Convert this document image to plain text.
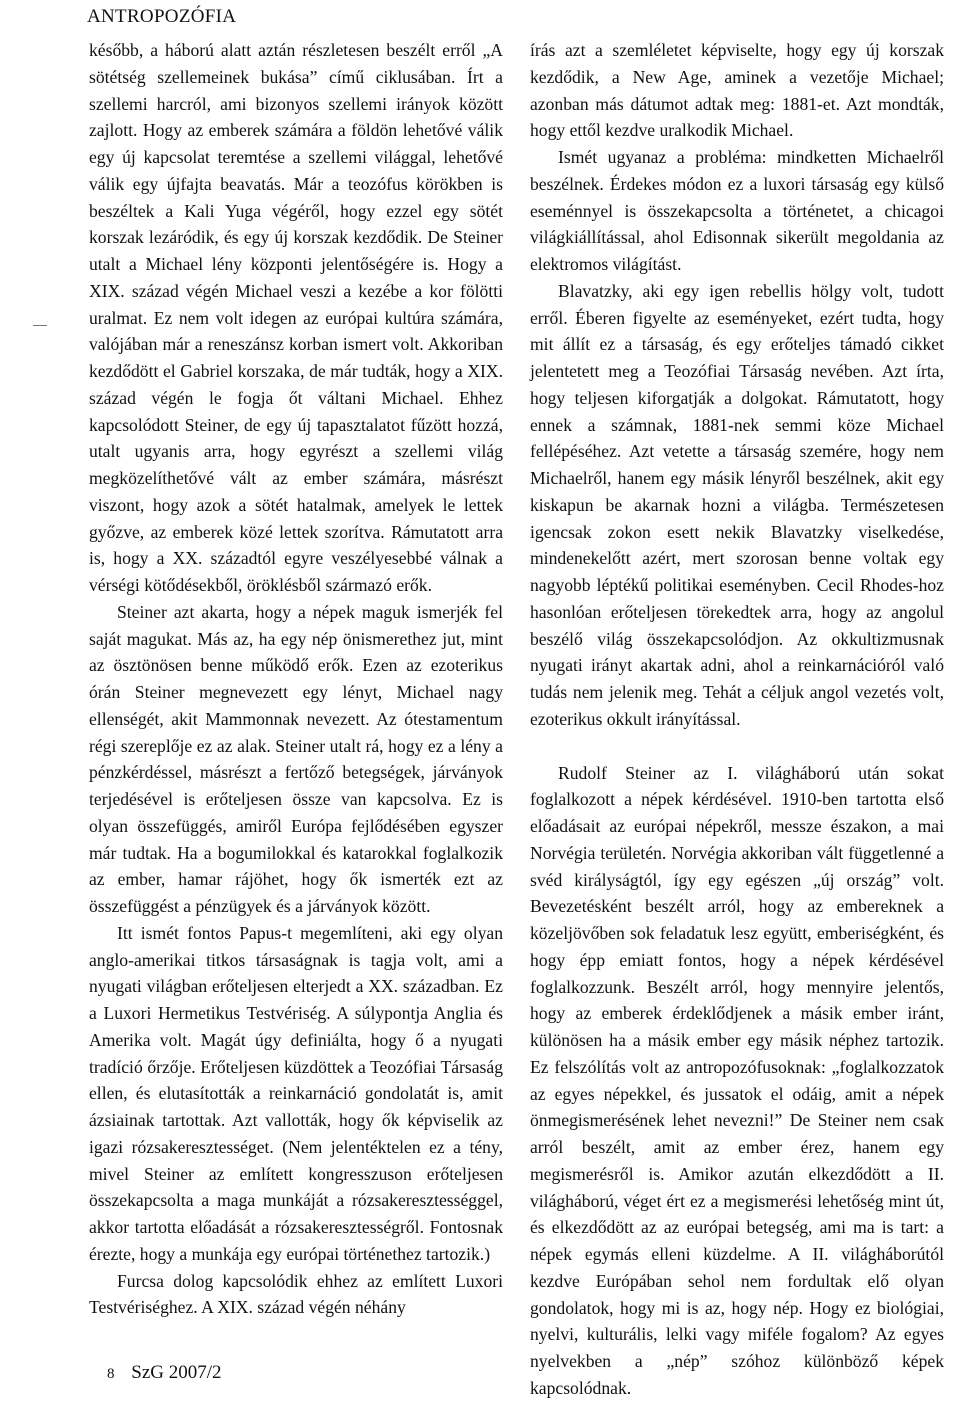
ANTROPOZÓFIA

később, a háború alatt aztán részletesen beszélt erről „A sötétség szellemeinek bukása” című ciklusában. Írt a szellemi harcról, ami bizonyos szellemi irányok között zajlott. Hogy az emberek számára a földön lehetővé válik egy új kapcsolat teremtése a szellemi világgal, lehetővé válik egy újfajta beavatás. Már a teozófus körökben is beszéltek a Kali Yuga végéről, hogy ezzel egy sötét korszak lezáródik, és egy új korszak kezdődik. De Steiner utalt a Michael lény központi jelentőségére is. Hogy a XIX. század végén Michael veszi a kezébe a kor fölötti uralmat. Ez nem volt idegen az európai kultúra számára, valójában már a reneszánsz korban ismert volt. Akkoriban kezdődött el Gabriel korszaka, de már tudták, hogy a XIX. század végén le fogja őt váltani Michael. Ehhez kapcsolódott Steiner, de egy új tapasztalatot fűzött hozzá, utalt ugyanis arra, hogy egyrészt a szellemi világ megközelíthetővé vált az ember számára, másrészt viszont, hogy azok a sötét hatalmak, amelyek le lettek győzve, az emberek közé lettek szorítva. Rámutatott arra is, hogy a XX. századtól egyre veszélyesebbé válnak a vérségi kötődésekből, öröklésből származó erők.

Steiner azt akarta, hogy a népek maguk ismerjék fel saját magukat. Más az, ha egy nép önismerethez jut, mint az ösztönösen benne működő erők. Ezen az ezoterikus órán Steiner megnevezett egy lényt, Michael nagy ellenségét, akit Mammonnak nevezett. Az ótestamentum régi szereplője ez az alak. Steiner utalt rá, hogy ez a lény a pénzkérdéssel, másrészt a fertőző betegségek, járványok terjedésével is erőteljesen össze van kapcsolva. Ez is olyan összefüggés, amiről Európa fejlődésében egyszer már tudtak. Ha a bogumilokkal és katarokkal foglalkozik az ember, hamar rájöhet, hogy ők ismerték ezt az összefüggést a pénzügyek és a járványok között.

Itt ismét fontos Papus-t megemlíteni, aki egy olyan anglo-amerikai titkos társaságnak is tagja volt, ami a nyugati világban erőteljesen elterjedt a XX. században. Ez a Luxori Hermetikus Testvériség. A súlypontja Anglia és Amerika volt. Magát úgy definiálta, hogy ő a nyugati tradíció őrzője. Erőteljesen küzdöttek a Teozófiai Társaság ellen, és elutasították a reinkarnáció gondolatát is, amit ázsiainak tartottak. Azt vallották, hogy ők képviselik az igazi rózsakeresztességet. (Nem jelentéktelen ez a tény, mivel Steiner az említett kongresszuson erőteljesen összekapcsolta a maga munkáját a rózsakeresztességgel, akkor tartotta előadását a rózsakeresztességről. Fontosnak érezte, hogy a munkája egy európai történethez tartozik.)

Furcsa dolog kapcsolódik ehhez az említett Luxori Testvériséghez. A XIX. század végén néhány

írás azt a szemléletet képviselte, hogy egy új korszak kezdődik, a New Age, aminek a vezetője Michael; azonban más dátumot adtak meg: 1881-et. Azt mondták, hogy ettől kezdve uralkodik Michael.

Ismét ugyanaz a probléma: mindketten Michaelről beszélnek. Érdekes módon ez a luxori társaság egy külső eseménnyel is összekapcsolta a történetet, a chicagoi világkiállítással, ahol Edisonnak sikerült megoldania az elektromos világítást.

Blavatzky, aki egy igen rebellis hölgy volt, tudott erről. Éberen figyelte az eseményeket, ezért tudta, hogy mit állít ez a társaság, és egy erőteljes támadó cikket jelentetett meg a Teozófiai Társaság nevében. Azt írta, hogy teljesen kiforgatják a dolgokat. Rámutatott, hogy ennek a számnak, 1881-nek semmi köze Michael fellépéséhez. Azt vetette a társaság szemére, hogy nem Michaelről, hanem egy másik lényről beszélnek, akit egy kiskapun be akarnak hozni a világba. Természetesen igencsak zokon esett nekik Blavatzky viselkedése, mindenekelőtt azért, mert szorosan benne voltak egy nagyobb léptékű politikai eseményben. Cecil Rhodes-hoz hasonlóan erőteljesen törekedtek arra, hogy az angolul beszélő világ összekapcsolódjon. Az okkultizmusnak nyugati irányt akartak adni, ahol a reinkarnációról való tudás nem jelenik meg. Tehát a céljuk angol vezetés volt, ezoterikus okkult irányítással.

Rudolf Steiner az I. világháború után sokat foglalkozott a népek kérdésével. 1910-ben tartotta első előadásait az európai népekről, messze északon, a mai Norvégia területén. Norvégia akkoriban vált függetlenné a svéd királyságtól, így egy egészen „új ország” volt. Bevezetésként beszélt arról, hogy az embereknek a közeljövőben sok feladatuk lesz együtt, emberiségként, és hogy épp emiatt fontos, hogy a népek kérdésével foglalkozzunk. Beszélt arról, hogy mennyire jelentős, hogy az emberek érdeklődjenek a másik ember iránt, különösen ha a másik ember egy másik néphez tartozik. Ez felszólítás volt az antropozófusoknak: „foglalkozzatok az egyes népekkel, és jussatok el odáig, amit a népek önmegismerésének lehet nevezni!” De Steiner nem csak arról beszélt, amit az ember érez, hanem egy megismerésről is. Amikor azután elkezdődött a II. világháború, véget ért ez a megismerési lehetőség mint út, és elkezdődött az az európai betegség, ami ma is tart: a népek egymás elleni küzdelme. A II. világháborútól kezdve Európában sehol nem fordultak elő olyan gondolatok, hogy mi is az, hogy nép. Hogy ez biológiai, nyelvi, kulturális, lelki vagy miféle fogalom? Az egyes nyelvekben a „nép” szóhoz különböző képek kapcsolódnak.

8 SzG 2007/2
